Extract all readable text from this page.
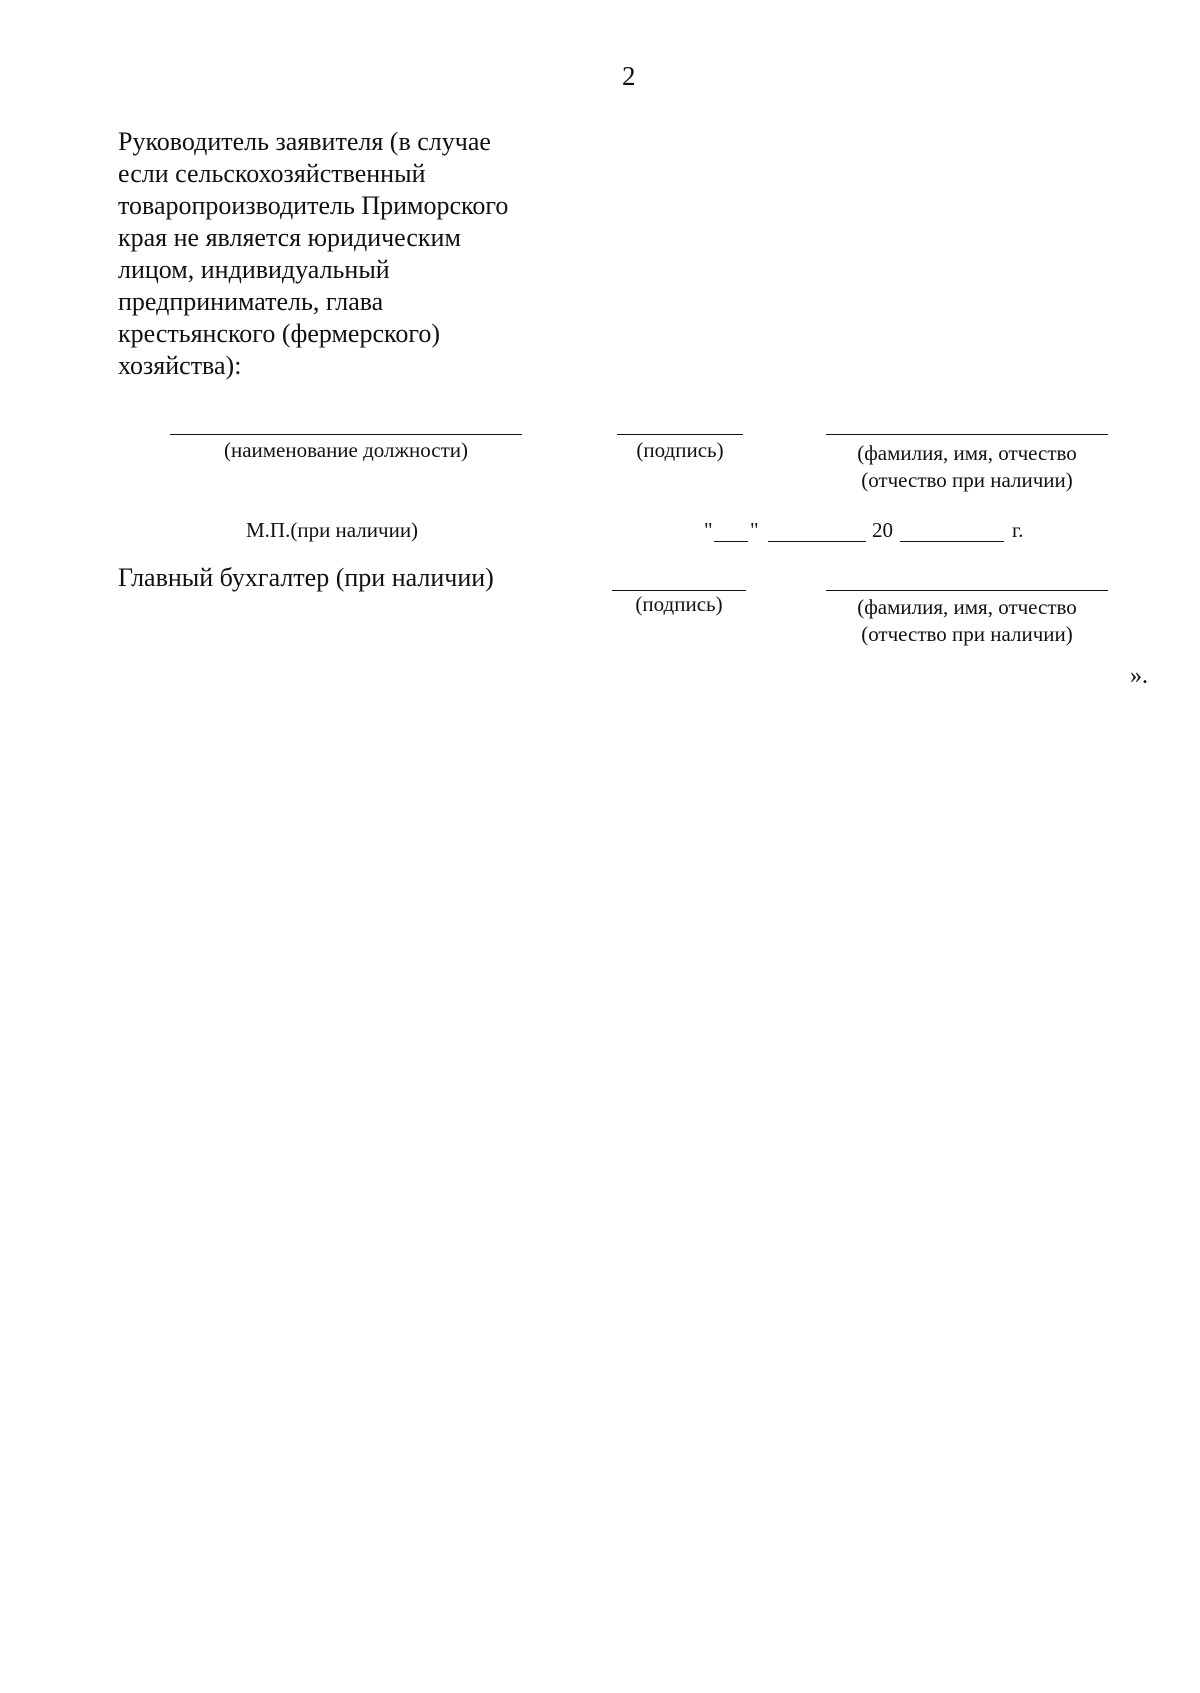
2
Руководитель заявителя (в случае
если сельскохозяйственный
товаропроизводитель Приморского
края не является юридическим
лицом, индивидуальный
предприниматель, глава
крестьянского (фермерского)
хозяйства):
(наименование должности)	(подпись)	(фамилия, имя, отчество
(отчество при наличии)
М.П.(при наличии)	" "	20	г.
Главный бухгалтер (при наличии)
(подпись)	(фамилия, имя, отчество
(отчество при наличии)
».
